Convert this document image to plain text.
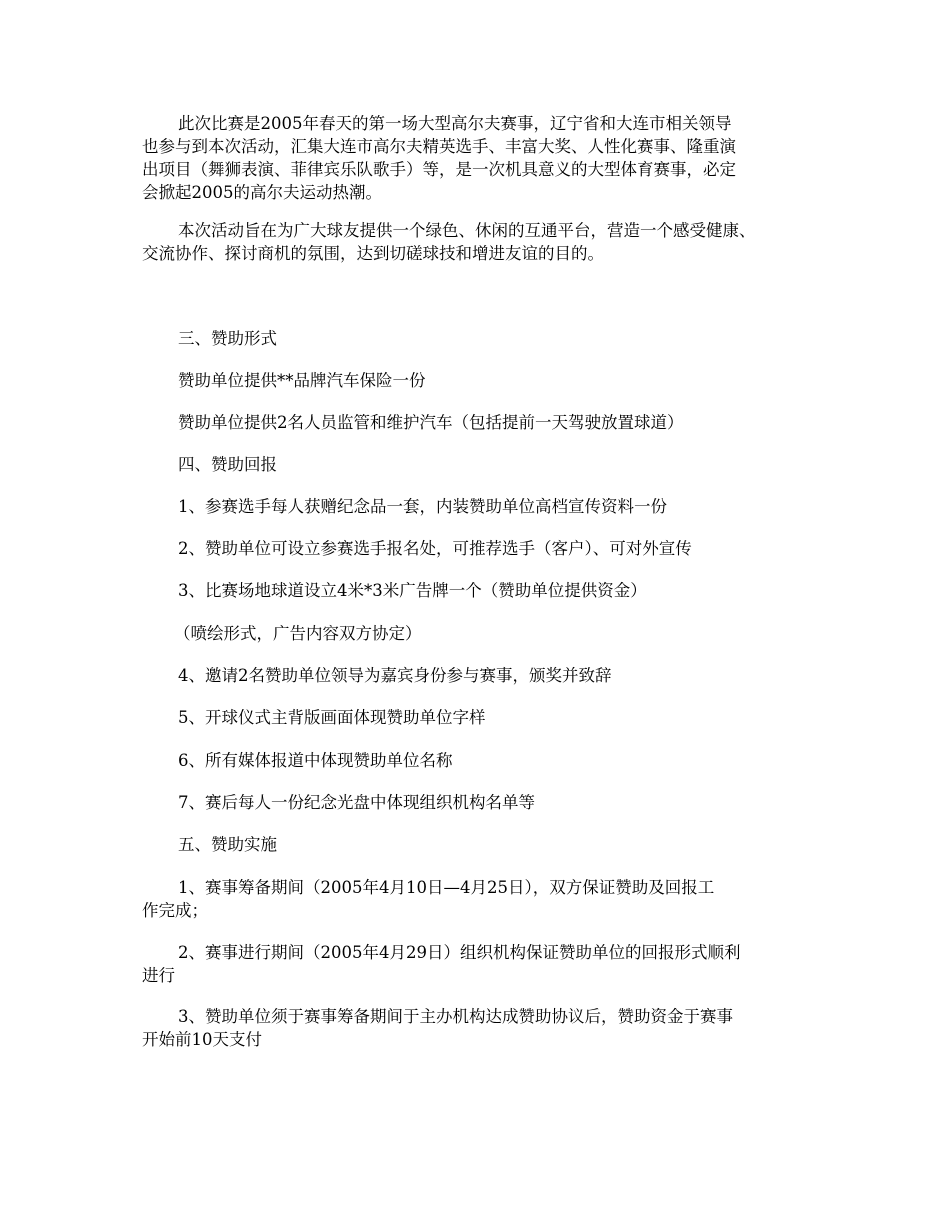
此次比赛是2005年春天的第一场大型高尔夫赛事，辽宁省和大连市相关领导
也参与到本次活动，汇集大连市高尔夫精英选手、丰富大奖、人性化赛事、隆重演
出项目（舞狮表演、菲律宾乐队歌手）等，是一次机具意义的大型体育赛事，必定
会掀起2005的高尔夫运动热潮。

本次活动旨在为广大球友提供一个绿色、休闲的互通平台，营造一个感受健康、
交流协作、探讨商机的氛围，达到切磋球技和增进友谊的目的。

三、赞助形式

赞助单位提供**品牌汽车保险一份

赞助单位提供2名人员监管和维护汽车（包括提前一天驾驶放置球道）

四、赞助回报

1、参赛选手每人获赠纪念品一套，内装赞助单位高档宣传资料一份

2、赞助单位可设立参赛选手报名处，可推荐选手（客户）、可对外宣传

3、比赛场地球道设立4米*3米广告牌一个（赞助单位提供资金）

（喷绘形式，广告内容双方协定）

4、邀请2名赞助单位领导为嘉宾身份参与赛事，颁奖并致辞

5、开球仪式主背版画面体现赞助单位字样

6、所有媒体报道中体现赞助单位名称

7、赛后每人一份纪念光盘中体现组织机构名单等

五、赞助实施

1、赛事筹备期间（2005年4月10日—4月25日），双方保证赞助及回报工
作完成；

2、赛事进行期间（2005年4月29日）组织机构保证赞助单位的回报形式顺利
进行

3、赞助单位须于赛事筹备期间于主办机构达成赞助协议后，赞助资金于赛事
开始前10天支付
